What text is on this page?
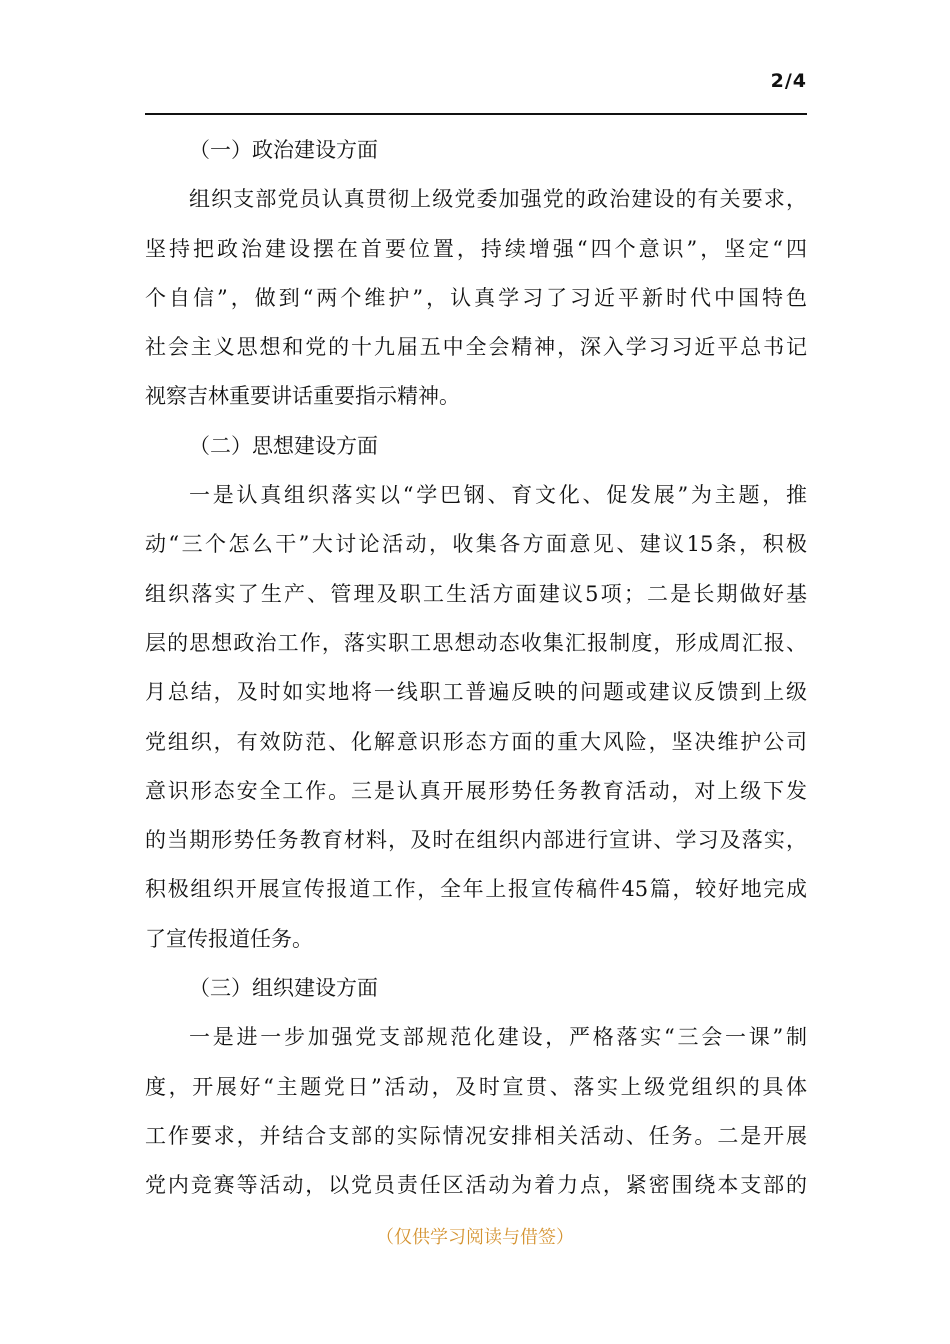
2/4
（一）政治建设方面
组织支部党员认真贯彻上级党委加强党的政治建设的有关要求，
坚持把政治建设摆在首要位置，持续增强“四个意识”，坚定“四
个自信”，做到“两个维护”，认真学习了习近平新时代中国特色
社会主义思想和党的十九届五中全会精神，深入学习习近平总书记
视察吉林重要讲话重要指示精神。
（二）思想建设方面
一是认真组织落实以“学巴钢、育文化、促发展”为主题，推
动“三个怎么干”大讨论活动，收集各方面意见、建议15条，积极
组织落实了生产、管理及职工生活方面建议5项；二是长期做好基
层的思想政治工作，落实职工思想动态收集汇报制度，形成周汇报、
月总结，及时如实地将一线职工普遍反映的问题或建议反馈到上级
党组织，有效防范、化解意识形态方面的重大风险，坚决维护公司
意识形态安全工作。三是认真开展形势任务教育活动，对上级下发
的当期形势任务教育材料，及时在组织内部进行宣讲、学习及落实，
积极组织开展宣传报道工作，全年上报宣传稿件45篇，较好地完成
了宣传报道任务。
（三）组织建设方面
一是进一步加强党支部规范化建设，严格落实“三会一课”制
度，开展好“主题党日”活动，及时宣贯、落实上级党组织的具体
工作要求，并结合支部的实际情况安排相关活动、任务。二是开展
党内竞赛等活动，以党员责任区活动为着力点，紧密围绕本支部的
（仅供学习阅读与借签）
